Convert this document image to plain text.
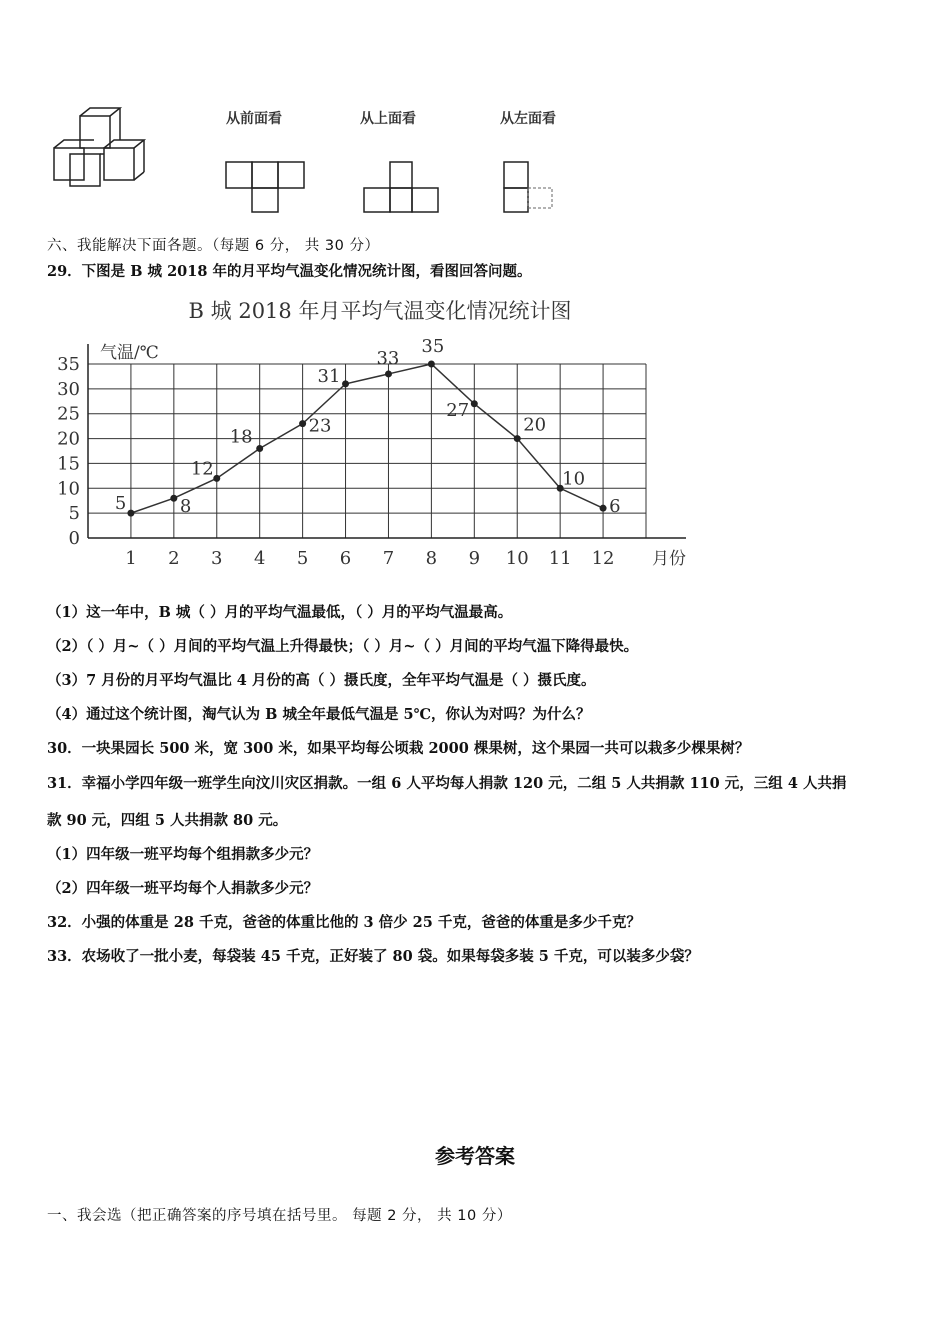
从前面看	从上面看	从左面看
六、我能解决下面各题。（每题 6 分， 共 30 分）
29．下图是 B 城 2018 年的月平均气温变化情况统计图，看图回答问题。
B 城 2018 年月平均气温变化情况统计图
0
5
10
15
20
25
30
35
1 2 3 4 5 6 7 8 9 10 11 12
气温/℃
月份
5	8
12
18
23
31
33
35
27
20
10
6
（1）这一年中，B 城（ ）月的平均气温最低，（ ）月的平均气温最高。
（2）（ ）月~（ ）月间的平均气温上升得最快；（ ）月~（ ）月间的平均气温下降得最快。
（3）7 月份的月平均气温比 4 月份的高（ ）摄氏度，全年平均气温是（ ）摄氏度。
（4）通过这个统计图，淘气认为 B 城全年最低气温是 5℃，你认为对吗？为什么？
30．一块果园长 500 米，宽 300 米，如果平均每公顷栽 2000 棵果树，这个果园一共可以栽多少棵果树？
31．幸福小学四年级一班学生向汶川灾区捐款。一组 6 人平均每人捐款 120 元，二组 5 人共捐款 110 元，三组 4 人共捐
款 90 元，四组 5 人共捐款 80 元。
（1）四年级一班平均每个组捐款多少元？
（2）四年级一班平均每个人捐款多少元？
32．小强的体重是 28 千克，爸爸的体重比他的 3 倍少 25 千克，爸爸的体重是多少千克？
33．农场收了一批小麦，每袋装 45 千克，正好装了 80 袋。如果每袋多装 5 千克，可以装多少袋？
参考答案
一、我会选（把正确答案的序号填在括号里。 每题 2 分， 共 10 分）
